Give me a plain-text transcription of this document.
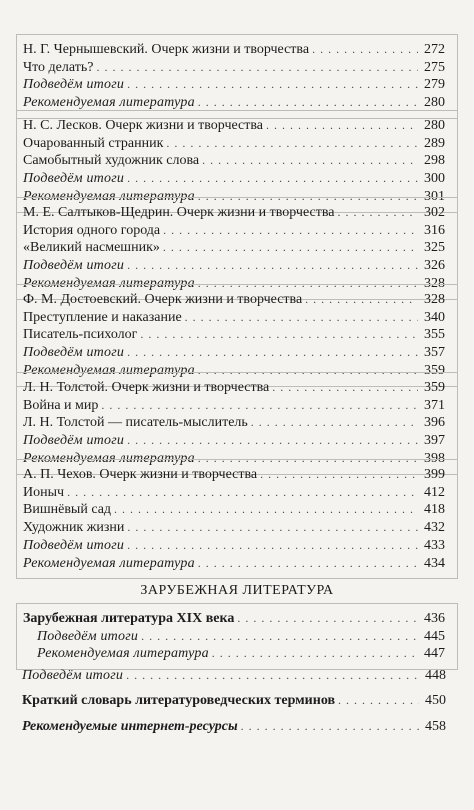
Н. Г. Чернышевский. Очерк жизни и творчества . . .	272
Что делать? . . .	275
Подведём итоги . . .	279
Рекомендуемая литература . . .	280
Н. С. Лесков. Очерк жизни и творчества . . .	280
Очарованный странник . . .	289
Самобытный художник слова . . .	298
Подведём итоги . . .	300
Рекомендуемая литература . . .	301
М. Е. Салтыков-Щедрин. Очерк жизни и творчества . . .	302
История одного города . . .	316
«Великий насмешник» . . .	325
Подведём итоги . . .	326
Рекомендуемая литература . . .	328
Ф. М. Достоевский. Очерк жизни и творчества . . .	328
Преступление и наказание . . .	340
Писатель-психолог . . .	355
Подведём итоги . . .	357
Рекомендуемая литература . . .	359
Л. Н. Толстой. Очерк жизни и творчества . . .	359
Война и мир . . .	371
Л. Н. Толстой — писатель-мыслитель . . .	396
Подведём итоги . . .	397
Рекомендуемая литература . . .	398
А. П. Чехов. Очерк жизни и творчества . . .	399
Ионыч . . .	412
Вишнёвый сад . . .	418
Художник жизни . . .	432
Подведём итоги . . .	433
Рекомендуемая литература . . .	434
ЗАРУБЕЖНАЯ ЛИТЕРАТУРА
Зарубежная литература XIX века . . .	436
Подведём итоги . . .	445
Рекомендуемая литература . . .	447
Подведём итоги . . .	448
Краткий словарь литературоведческих терминов . . .	450
Рекомендуемые интернет-ресурсы . . .	458
